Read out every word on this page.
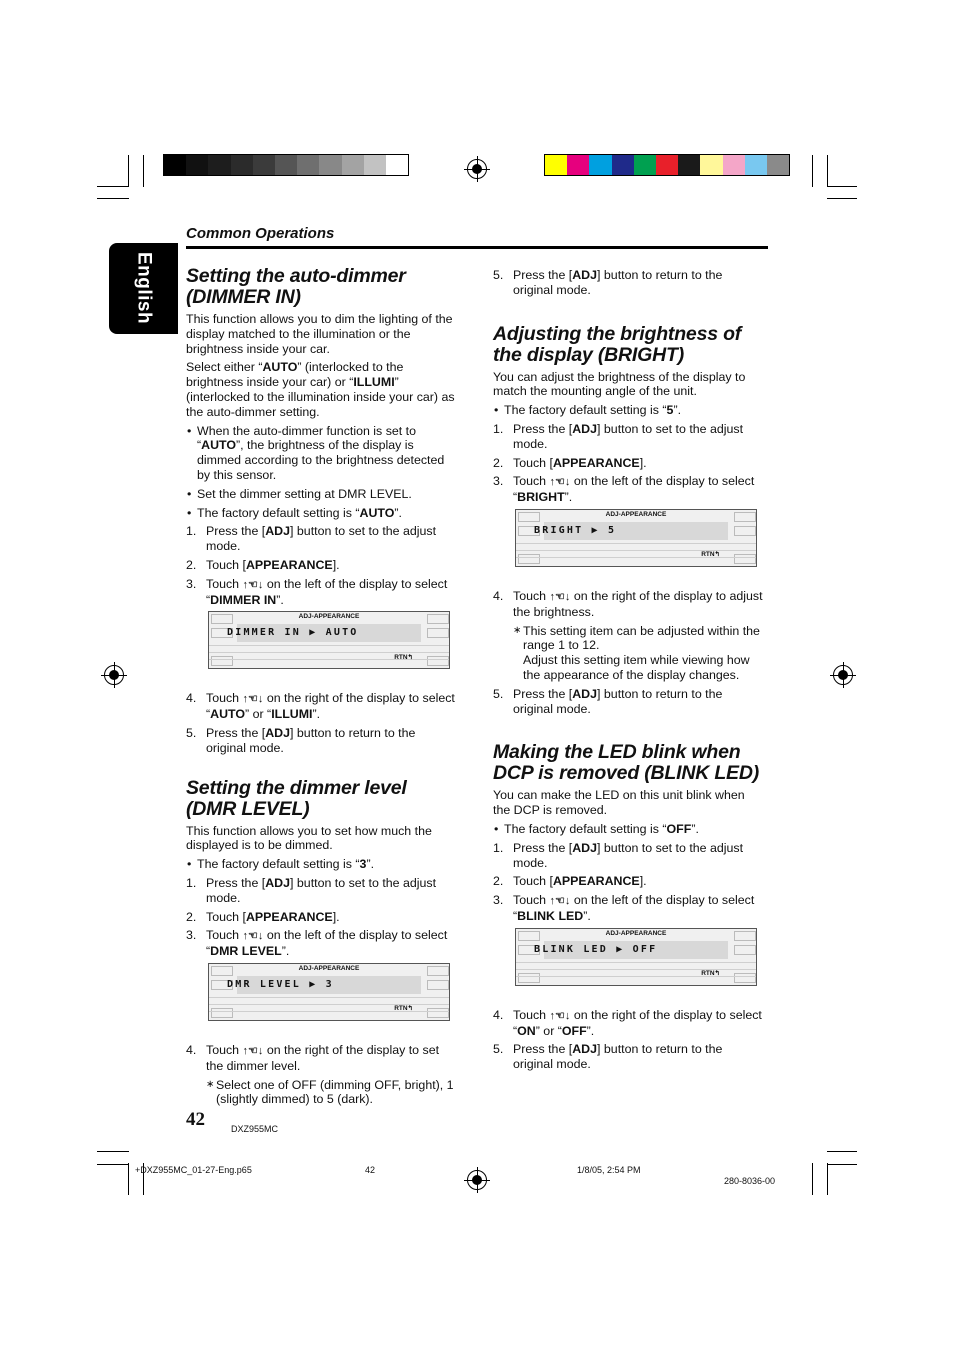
English
Common Operations
Setting the auto-dimmer (DIMMER IN)

This function allows you to dim the lighting of the display matched to the illumination or the brightness inside your car.

Select either “AUTO” (interlocked to the brightness inside your car) or “ILLUMI” (interlocked to the illumination inside your car) as the auto-dimmer setting.

• When the auto-dimmer function is set to “AUTO”, the brightness of the display is dimmed according to the brightness detected by this sensor.
• Set the dimmer setting at DMR LEVEL.
• The factory default setting is “AUTO”.
1. Press the [ADJ] button to set to the adjust mode.
2. Touch [APPEARANCE].
3. Touch ↑☜↓ on the left of the display to select “DIMMER IN”.
ADJ-APPEARANCE
DIMMER IN ▶ AUTO
RTN↰
4. Touch ↑☜↓ on the right of the display to select “AUTO” or “ILLUMI”.
5. Press the [ADJ] button to return to the original mode.
Setting the dimmer level (DMR LEVEL)

This function allows you to set how much the displayed is to be dimmed.

• The factory default setting is “3”.
1. Press the [ADJ] button to set to the adjust mode.
2. Touch [APPEARANCE].
3. Touch ↑☜↓ on the left of the display to select “DMR LEVEL”.
ADJ-APPEARANCE
DMR LEVEL ▶ 3
RTN↰
4. Touch ↑☜↓ on the right of the display to set the dimmer level.
∗ Select one of OFF (dimming OFF, bright), 1 (slightly dimmed) to 5 (dark).
5. Press the [ADJ] button to return to the original mode.
Adjusting the brightness of the display (BRIGHT)

You can adjust the brightness of the display to match the mounting angle of the unit.

• The factory default setting is “5”.
1. Press the [ADJ] button to set to the adjust mode.
2. Touch [APPEARANCE].
3. Touch ↑☜↓ on the left of the display to select “BRIGHT”.
ADJ-APPEARANCE
BRIGHT ▶ 5
RTN↰
4. Touch ↑☜↓ on the right of the display to adjust the brightness.
∗ This setting item can be adjusted within the range 1 to 12.
Adjust this setting item while viewing how the appearance of the display changes.
5. Press the [ADJ] button to return to the original mode.
Making the LED blink when DCP is removed (BLINK LED)

You can make the LED on this unit blink when the DCP is removed.

• The factory default setting is “OFF”.
1. Press the [ADJ] button to set to the adjust mode.
2. Touch [APPEARANCE].
3. Touch ↑☜↓ on the left of the display to select “BLINK LED”.
ADJ-APPEARANCE
BLINK LED ▶ OFF
RTN↰
4. Touch ↑☜↓ on the right of the display to select “ON” or “OFF”.
5. Press the [ADJ] button to return to the original mode.
42	DXZ955MC
+DXZ955MC_01-27-Eng.p65	42	1/8/05, 2:54 PM
280-8036-00
